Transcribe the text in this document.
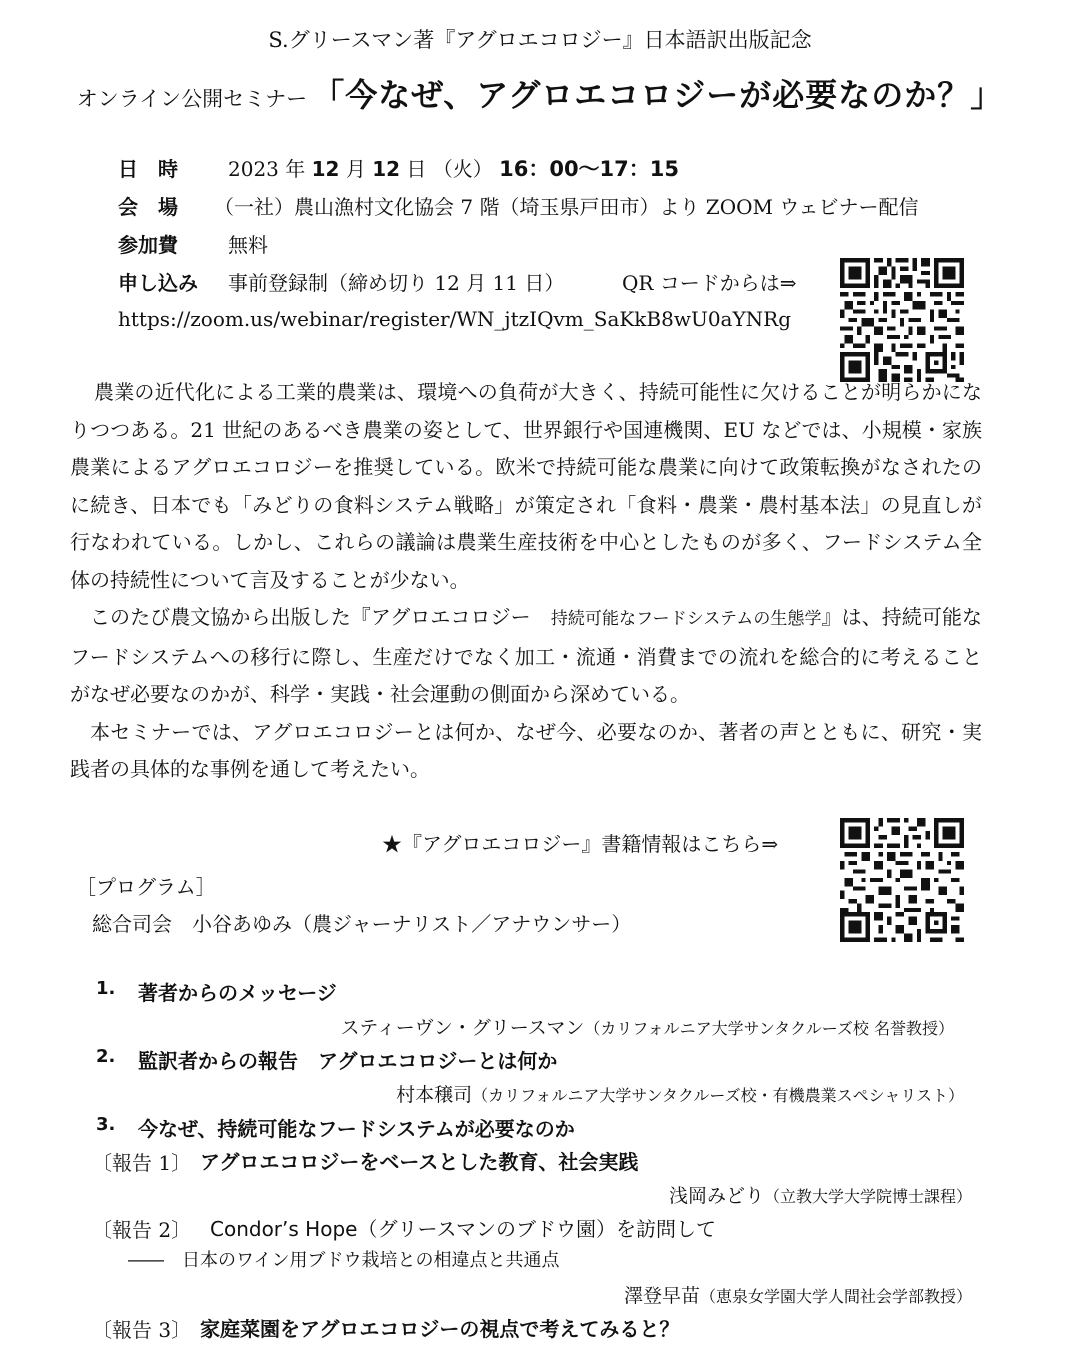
S.グリースマン著『アグロエコロジー』日本語訳出版記念
オンライン公開セミナー 「今なぜ、アグロエコロジーが必要なのか？」
日　時	2023 年 12 月 12 日 （火） 16：00〜17：15
会　場 （一社）農山漁村文化協会 7 階（埼玉県戸田市）より ZOOM ウェビナー配信
参加費	無料
申し込み 事前登録制（締め切り 12 月 11 日）	QR コードからは⇒
https://zoom.us/webinar/register/WN_jtzIQvm_SaKkB8wU0aYNRg

農業の近代化による工業的農業は、環境への負荷が大きく、持続可能性に欠けることが明らかになりつつある。21 世紀のあるべき農業の姿として、世界銀行や国連機関、EU などでは、小規模・家族農業によるアグロエコロジーを推奨している。欧米で持続可能な農業に向けて政策転換がなされたのに続き、日本でも「みどりの食料システム戦略」が策定され「食料・農業・農村基本法」の見直しが行なわれている。しかし、これらの議論は農業生産技術を中心としたものが多く、フードシステム全体の持続性について言及することが少ない。

このたび農文協から出版した『アグロエコロジー　持続可能なフードシステムの生態学』は、持続可能なフードシステムへの移行に際し、生産だけでなく加工・流通・消費までの流れを総合的に考えることがなぜ必要なのかが、科学・実践・社会運動の側面から深めている。

本セミナーでは、アグロエコロジーとは何か、なぜ今、必要なのか、著者の声とともに、研究・実践者の具体的な事例を通して考えたい。

★『アグロエコロジー』書籍情報はこちら⇒
［プログラム］
総合司会　 小谷あゆみ（農ジャーナリスト／アナウンサー）
1. 著者からのメッセージ
スティーヴン・グリースマン（カリフォルニア大学サンタクルーズ校 名誉教授）
2. 監訳者からの報告　アグロエコロジーとは何か
村本穣司（カリフォルニア大学サンタクルーズ校・有機農業スペシャリスト）
3. 今なぜ、持続可能なフードシステムが必要なのか
〔報告 1〕 アグロエコロジーをベースとした教育、社会実践
浅岡みどり（立教大学大学院博士課程）
〔報告 2〕 Condor’s Hope（グリースマンのブドウ園）を訪問して
――　日本のワイン用ブドウ栽培との相違点と共通点
澤登早苗（恵泉女学園大学人間社会学部教授）
〔報告 3〕 家庭菜園をアグロエコロジーの視点で考えてみると？
